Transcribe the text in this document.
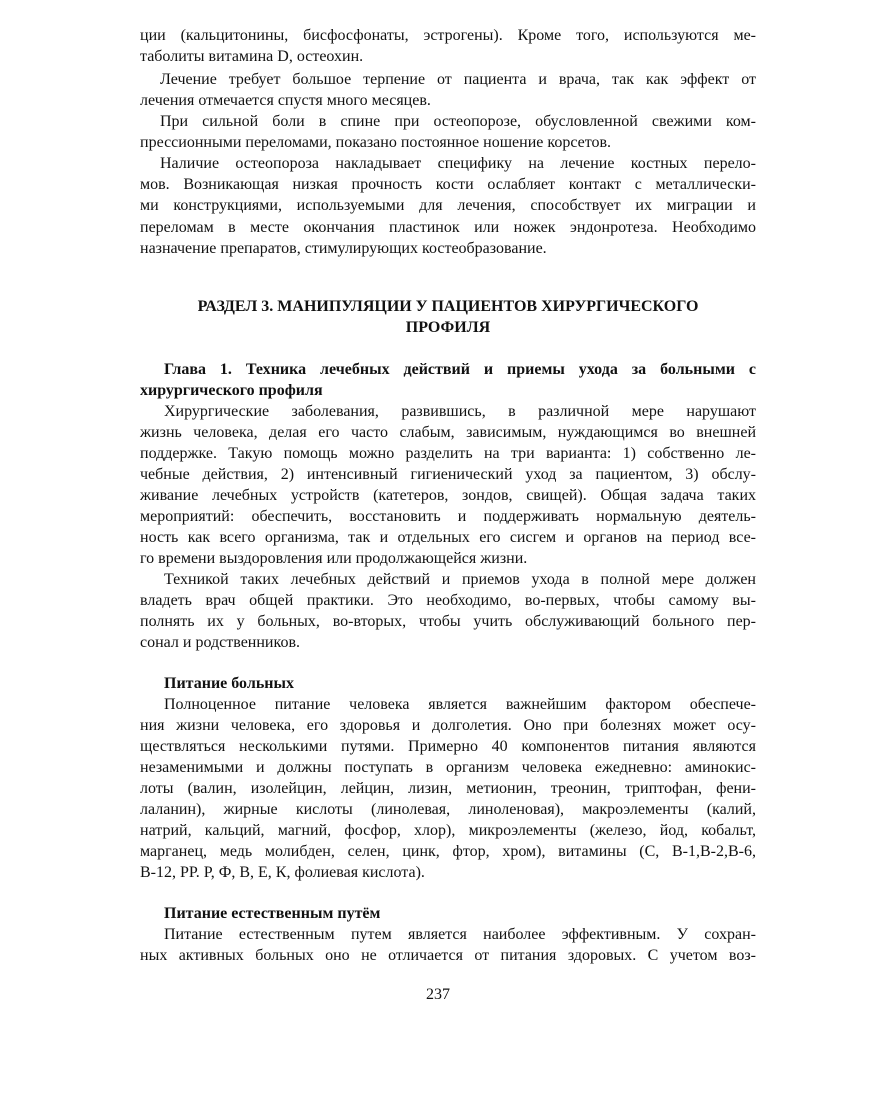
ции (кальцитонины, бисфосфонаты, эстрогены). Кроме того, используются ме-
таболиты витамина D, остеохин.
Лечение требует большое терпение от пациента и врача, так как эффект от
лечения отмечается спустя много месяцев.
При сильной боли в спине при остеопорозе, обусловленной свежими ком-
прессионными переломами, показано постоянное ношение корсетов.
Наличие остеопороза накладывает специфику на лечение костных перело-
мов. Возникающая низкая прочность кости ослабляет контакт с металлически-
ми конструкциями, используемыми для лечения, способствует их миграции и
переломам в месте окончания пластинок или ножек эндонротеза. Необходимо
назначение препаратов, стимулирующих костеобразование.
РАЗДЕЛ 3. МАНИПУЛЯЦИИ У ПАЦИЕНТОВ ХИРУРГИЧЕСКОГО
ПРОФИЛЯ
Глава 1. Техника лечебных действий и приемы ухода за больными с
хирургического профиля
Хирургические заболевания, развившись, в различной мере нарушают
жизнь человека, делая его часто слабым, зависимым, нуждающимся во внешней
поддержке. Такую помощь можно разделить на три варианта: 1) собственно ле-
чебные действия, 2) интенсивный гигиенический уход за пациентом, 3) обслу-
живание лечебных устройств (катетеров, зондов, свищей). Общая задача таких
мероприятий: обеспечить, восстановить и поддерживать нормальную деятель-
ность как всего организма, так и отдельных его сисгем и органов на период все-
го времени выздоровления или продолжающейся жизни.
Техникой таких лечебных действий и приемов ухода в полной мере должен
владеть врач общей практики. Это необходимо, во-первых, чтобы самому вы-
полнять их у больных, во-вторых, чтобы учить обслуживающий больного пер-
сонал и родственников.
Питание больных
Полноценное питание человека является важнейшим фактором обеспече-
ния жизни человека, его здоровья и долголетия. Оно при болезнях может осу-
ществляться несколькими путями. Примерно 40 компонентов питания являются
незаменимыми и должны поступать в организм человека ежедневно: аминокис-
лоты (валин, изолейцин, лейцин, лизин, метионин, треонин, триптофан, фени-
лаланин), жирные кислоты (линолевая, линоленовая), макроэлементы (калий,
натрий, кальций, магний, фосфор, хлор), микроэлементы (железо, йод, кобальт,
марганец, медь молибден, селен, цинк, фтор, хром), витамины (С, В-1,В-2,В-6,
В-12, РР. Р, Ф, В, Е, К, фолиевая кислота).
Питание естественным путём
Питание естественным путем является наиболее эффективным. У сохран-
ных активных больных оно не отличается от питания здоровых. С учетом воз-
237
